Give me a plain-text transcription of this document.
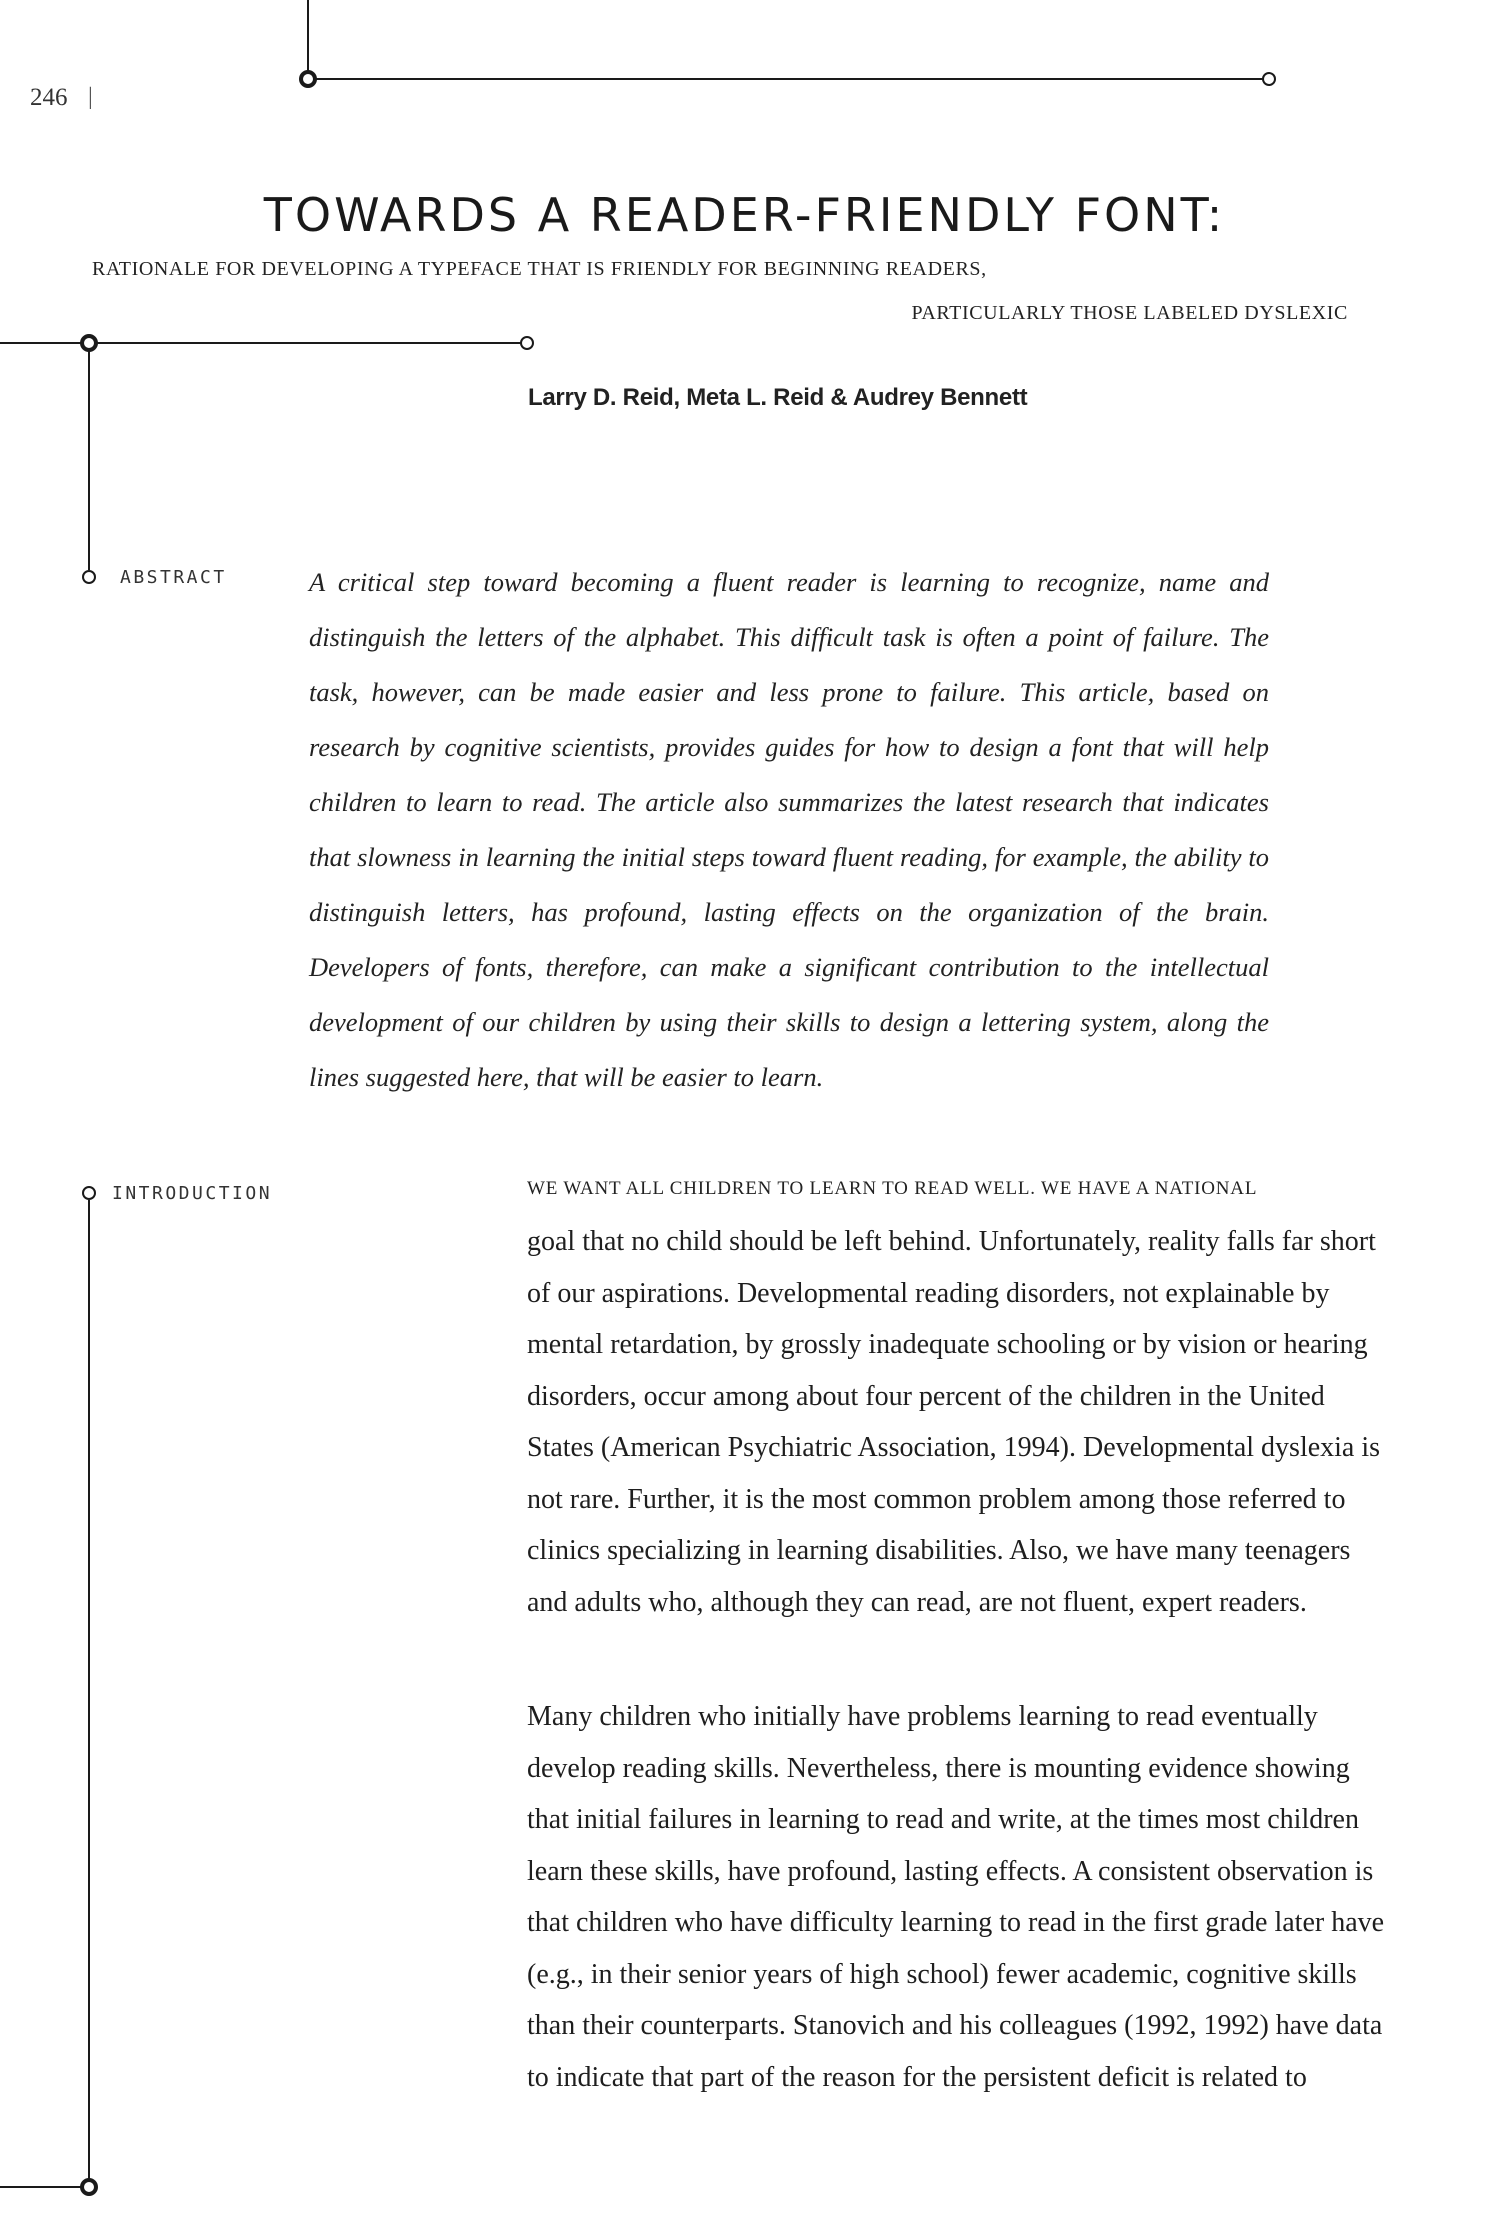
246 |
TOWARDS A READER-FRIENDLY FONT:
RATIONALE FOR DEVELOPING A TYPEFACE THAT IS FRIENDLY FOR BEGINNING READERS,
PARTICULARLY THOSE LABELED DYSLEXIC
Larry D. Reid, Meta L. Reid & Audrey Bennett
ABSTRACT	A critical step toward becoming a fluent reader is learning to recognize, name and distinguish the letters of the alphabet. This difficult task is often a point of failure. The task, however, can be made easier and less prone to failure. This article, based on research by cognitive scientists, provides guides for how to design a font that will help children to learn to read. The article also summarizes the latest research that indicates that slowness in learning the initial steps toward fluent reading, for example, the ability to distinguish letters, has profound, lasting effects on the organization of the brain. Developers of fonts, therefore, can make a significant contribution to the intellectual development of our children by using their skills to design a lettering system, along the lines suggested here, that will be easier to learn.

INTRODUCTION	WE WANT ALL CHILDREN TO LEARN TO READ WELL. WE HAVE A NATIONAL

goal that no child should be left behind. Unfortunately, reality falls far short of our aspirations. Developmental reading disorders, not explainable by mental retardation, by grossly inadequate schooling or by vision or hearing disorders, occur among about four percent of the children in the United States (American Psychiatric Association, 1994). Developmental dyslexia is not rare. Further, it is the most common problem among those referred to clinics specializing in learning disabilities. Also, we have many teenagers and adults who, although they can read, are not fluent, expert readers.

Many children who initially have problems learning to read eventually develop reading skills. Nevertheless, there is mounting evidence showing that initial failures in learning to read and write, at the times most children learn these skills, have profound, lasting effects. A consistent observation is that children who have difficulty learning to read in the first grade later have (e.g., in their senior years of high school) fewer academic, cognitive skills than their counterparts. Stanovich and his colleagues (1992, 1992) have data to indicate that part of the reason for the persistent deficit is related to
